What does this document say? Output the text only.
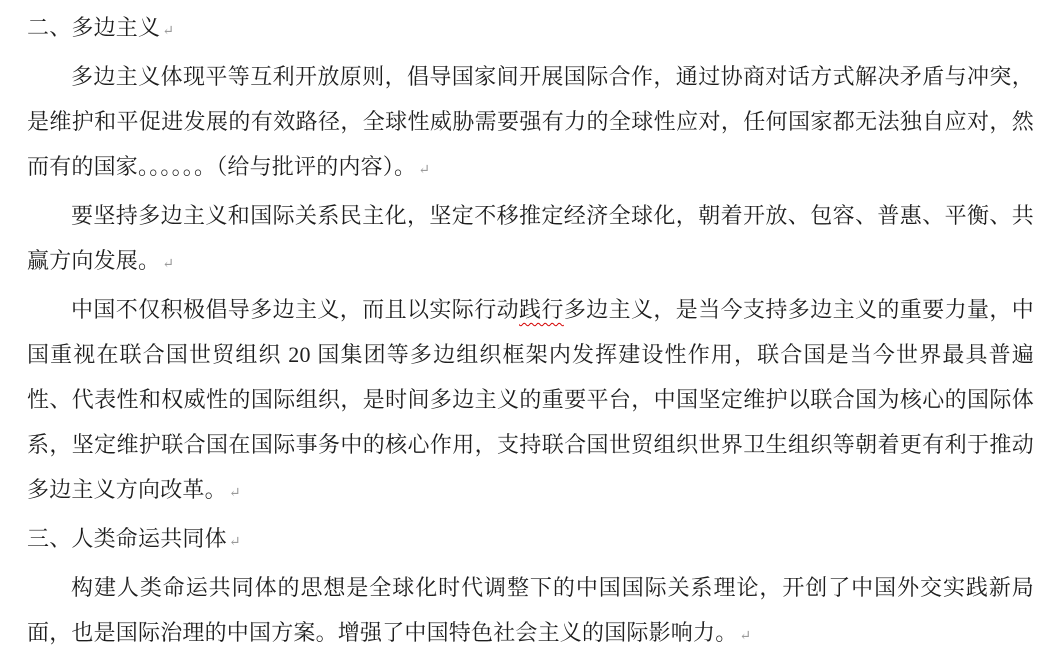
二、多边主义 ↵

多边主义体现平等互利开放原则，倡导国家间开展国际合作，通过协商对话方式解决矛盾与冲突，是维护和平促进发展的有效路径，全球性威胁需要强有力的全球性应对，任何国家都无法独自应对，然而有的国家。。。。。。（给与批评的内容）。 ↵

要坚持多边主义和国际关系民主化，坚定不移推定经济全球化，朝着开放、包容、普惠、平衡、共赢方向发展。 ↵

中国不仅积极倡导多边主义，而且以实际行动践行多边主义，是当今支持多边主义的重要力量，中国重视在联合国世贸组织 20 国集团等多边组织框架内发挥建设性作用，联合国是当今世界最具普遍性、代表性和权威性的国际组织，是时间多边主义的重要平台，中国坚定维护以联合国为核心的国际体系，坚定维护联合国在国际事务中的核心作用，支持联合国世贸组织世界卫生组织等朝着更有利于推动多边主义方向改革。 ↵

三、人类命运共同体 ↵

构建人类命运共同体的思想是全球化时代调整下的中国国际关系理论，开创了中国外交实践新局面，也是国际治理的中国方案。增强了中国特色社会主义的国际影响力。 ↵
